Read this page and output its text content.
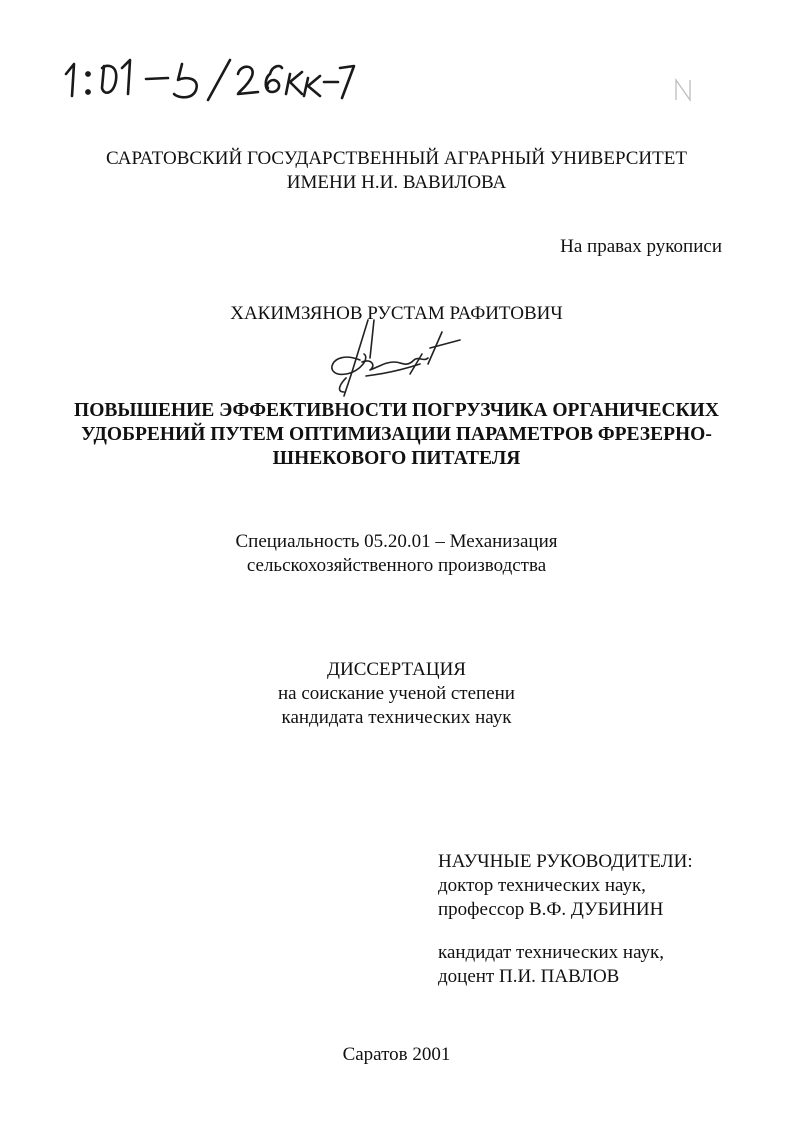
САРАТОВСКИЙ ГОСУДАРСТВЕННЫЙ АГРАРНЫЙ УНИВЕРСИТЕТ
ИМЕНИ Н.И. ВАВИЛОВА
На правах рукописи
ХАКИМЗЯНОВ РУСТАМ РАФИТОВИЧ
ПОВЫШЕНИЕ ЭФФЕКТИВНОСТИ ПОГРУЗЧИКА ОРГАНИЧЕСКИХ
УДОБРЕНИЙ ПУТЕМ ОПТИМИЗАЦИИ ПАРАМЕТРОВ ФРЕЗЕРНО-
ШНЕКОВОГО ПИТАТЕЛЯ
Специальность 05.20.01 – Механизация
сельскохозяйственного производства
ДИССЕРТАЦИЯ
на соискание ученой степени
кандидата технических наук
НАУЧНЫЕ РУКОВОДИТЕЛИ:
доктор технических наук,
профессор В.Ф. ДУБИНИН
кандидат технических наук,
доцент П.И. ПАВЛОВ
Саратов 2001
